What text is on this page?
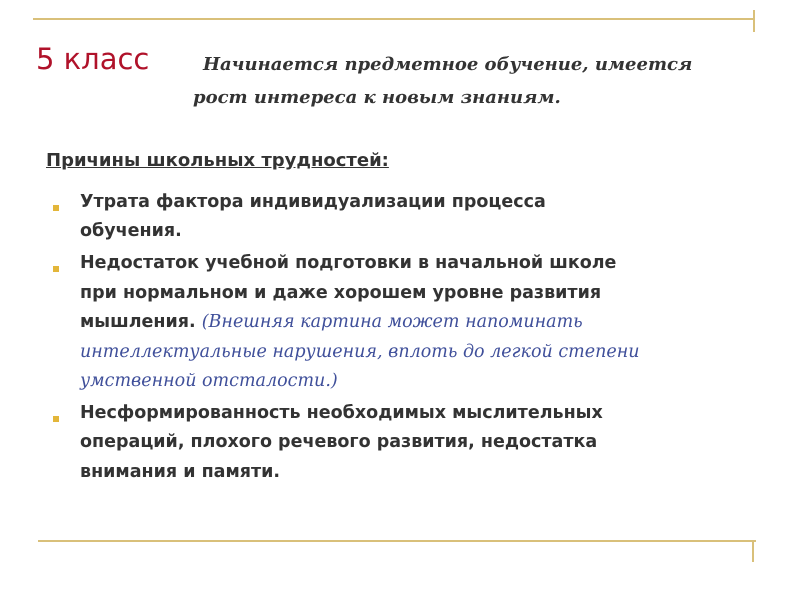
5 класс	Начинается предметное обучение, имеется
рост интереса к новым знаниям.
Причины школьных трудностей:
Утрата фактора индивидуализации процесса
обучения.
Недостаток учебной подготовки в начальной школе
при нормальном и даже хорошем уровне развития
мышления. (Внешняя картина может напоминать
интеллектуальные нарушения, вплоть до легкой степени
умственной отсталости.)
Несформированность необходимых мыслительных
операций, плохого речевого развития, недостатка
внимания и памяти.
